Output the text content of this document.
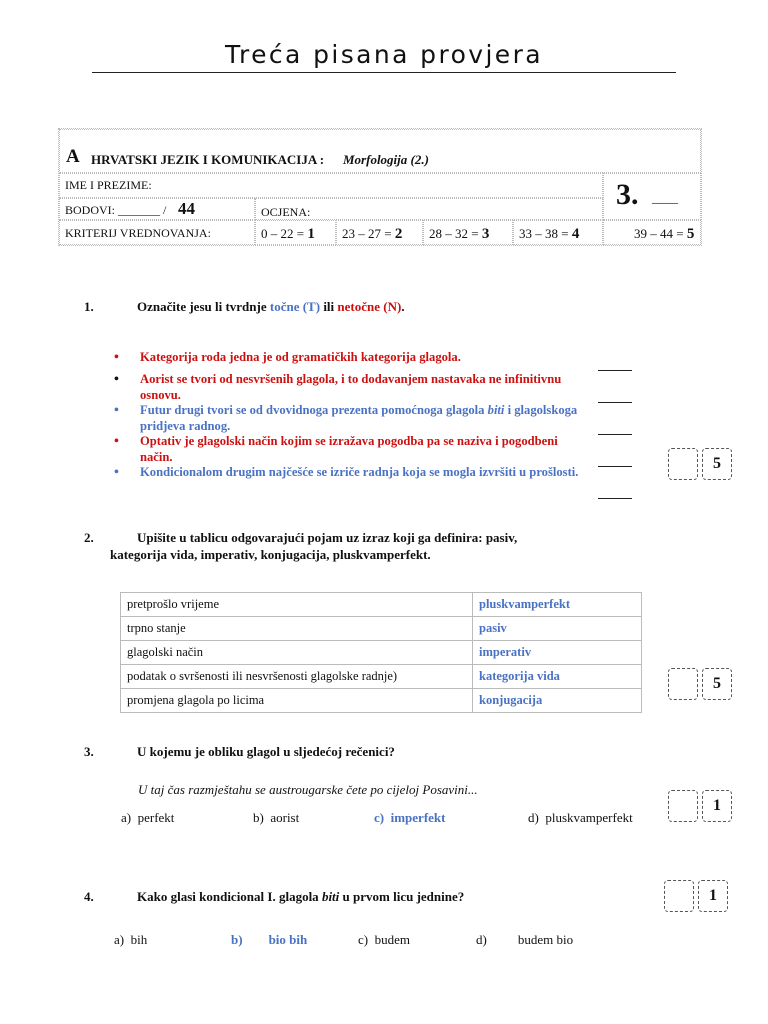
Treća pisana provjera
A HRVATSKI JEZIK I KOMUNIKACIJA : Morfologija (2.)
IME I PREZIME:	3. ____
BODOVI: _______ / 44	OCJENA:
KRITERIJ VREDNOVANJA:	0 – 22 = 1 23 – 27 = 2 28 – 32 = 3 33 – 38 = 4	39 – 44 = 5
1.	Označite jesu li tvrdnje točne (T) ili netočne (N).
• Kategorija roda jedna je od gramatičkih kategorija glagola.
• Aorist se tvori od nesvršenih glagola, i to dodavanjem nastavaka ne infinitivnu osnovu.
• Futur drugi tvori se od dvovidnoga prezenta pomoćnoga glagola biti i glagolskoga pridjeva radnog.
• Optativ je glagolski način kojim se izražava pogodba pa se naziva i pogodbeni način.
• Kondicionalom drugim najčešće se izriče radnja koja se mogla izvršiti u prošlosti.	5
2.	Upišite u tablicu odgovarajući pojam uz izraz koji ga definira: pasiv,
kategorija vida, imperativ, konjugacija, pluskvamperfekt.
pretprošlo vrijeme	pluskvamperfekt
trpno stanje	pasiv
glagolski način	imperativ
podatak o svršenosti ili nesvršenosti glagolske radnje)	kategorija vida
promjena glagola po licima	konjugacija
5
3.	U kojemu je obliku glagol u sljedećoj rečenici?
U taj čas razmještahu se austrougarske čete po cijeloj Posavini...
a) perfekt	b) aorist	c) imperfekt	d) pluskvamperfekt
1
4.	Kako glasi kondicional I. glagola biti u prvom licu jednine?
a) bih	b) bio bih	c) budem	d) budem bio
1
